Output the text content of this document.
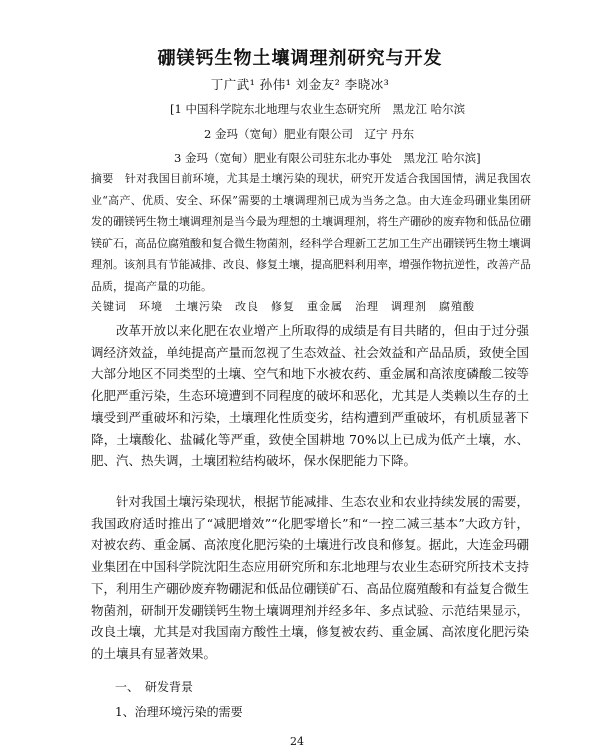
硼镁钙生物土壤调理剂研究与开发
丁广武¹ 孙伟¹ 刘金友² 李晓冰³
[1 中国科学院东北地理与农业生态研究所　黑龙江 哈尔滨
2 金玛（宽甸）肥业有限公司　辽宁 丹东
3 金玛（宽甸）肥业有限公司驻东北办事处　黑龙江 哈尔滨]
摘要　针对我国目前环境，尤其是土壤污染的现状，研究开发适合我国国情，满足我国农业“高产、优质、安全、环保”需要的土壤调理剂已成为当务之急。由大连金玛硼业集团研发的硼镁钙生物土壤调理剂是当今最为理想的土壤调理剂，将生产硼砂的废弃物和低品位硼镁矿石，高品位腐殖酸和复合微生物菌剂，经科学合理新工艺加工生产出硼镁钙生物土壤调理剂。该剂具有节能减排、改良、修复土壤，提高肥料利用率，增强作物抗逆性，改善产品品质，提高产量的功能。
关键词　环境　土壤污染　改良　修复　重金属　治理　调理剂　腐殖酸
改革开放以来化肥在农业增产上所取得的成绩是有目共睹的，但由于过分强调经济效益，单纯提高产量而忽视了生态效益、社会效益和产品品质，致使全国大部分地区不同类型的土壤、空气和地下水被农药、重金属和高浓度磷酸二铵等化肥严重污染，生态环境遭到不同程度的破坏和恶化，尤其是人类赖以生存的土壤受到严重破坏和污染，土壤理化性质变劣，结构遭到严重破坏，有机质显著下降，土壤酸化、盐碱化等严重，致使全国耕地 70%以上已成为低产土壤，水、肥、汽、热失调，土壤团粒结构破坏，保水保肥能力下降。
针对我国土壤污染现状，根据节能减排、生态农业和农业持续发展的需要，我国政府适时推出了“减肥增效”“化肥零增长”和“一控二减三基本”大政方针，对被农药、重金属、高浓度化肥污染的土壤进行改良和修复。据此，大连金玛硼业集团在中国科学院沈阳生态应用研究所和东北地理与农业生态研究所技术支持下，利用生产硼砂废弃物硼泥和低品位硼镁矿石、高品位腐殖酸和有益复合微生物菌剂，研制开发硼镁钙生物土壤调理剂并经多年、多点试验、示范结果显示，改良土壤，尤其是对我国南方酸性土壤，修复被农药、重金属、高浓度化肥污染的土壤具有显著效果。
一、　研发背景
1、治理环境污染的需要
24
